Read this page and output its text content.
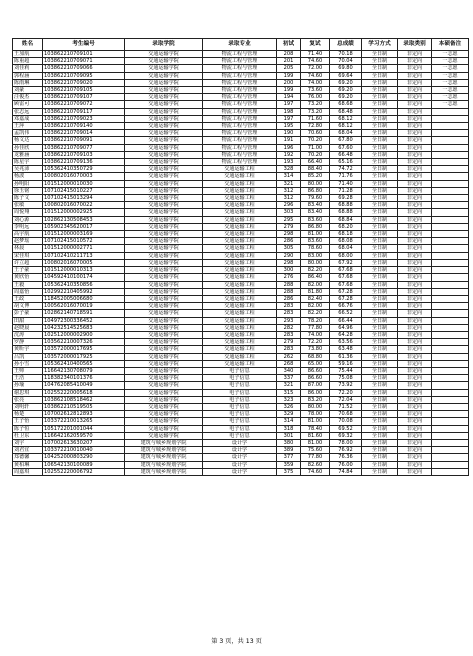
姓名	考生编号	录取学院	录取专业	初试	复试	总成绩	学习方式	录取类别	本硕备注
王加航	103862210709101	交通运输学院	物流工程与管理	208	71.40	70.18	全日制	非定向	一志愿
陈重超	103862210709071	交通运输学院	物流工程与管理	201	74.60	70.04	全日制	非定向	一志愿
刘佳莉	103862210709066	交通运输学院	物流工程与管理	205	72.00	69.80	全日制	非定向	一志愿
郭程涵	103862210709095	交通运输学院	物流工程与管理	199	74.60	69.64	全日制	非定向	一志愿
陈雨琳	103862210709020	交通运输学院	物流工程与管理	200	74.00	69.20	全日制	非定向	一志愿
刘豪	103862210709105	交通运输学院	物流工程与管理	199	73.60	69.20	全日制	非定向	一志愿
汪俊杰	103862210709107	交通运输学院	物流工程与管理	194	76.00	69.20	全日制	非定向	一志愿
顾雷可	103862210709072	交通运输学院	物流工程与管理	197	73.20	68.68	全日制	非定向	一志愿
张志远	103862210709117	交通运输学院	物流工程与管理	198	73.20	68.48	全日制	非定向	
邓嘉成	103862210709023	交通运输学院	物流工程与管理	197	71.60	68.12	全日制	非定向	
王萍	103862210709140	交通运输学院	物流工程与管理	195	72.80	68.12	全日制	非定向	
孟凯伟	103862210709014	交通运输学院	物流工程与管理	190	70.60	68.04	全日制	非定向	
杨文达	103862210709091	交通运输学院	物流工程与管理	191	70.20	67.80	全日制	非定向	
孙佳欣	103862210709077	交通运输学院	物流工程与管理	196	71.00	67.60	全日制	非定向	
龙雅涵	103862210709103	交通运输学院	物流工程与管理	192	70.20	66.48	全日制	非定向	
陈星宇	103862210709136	交通运输学院	物流工程与管理	193	66.40	65.16	全日制	非定向	
吴兆沛	105362410350729	交通运输学院	交通运输工程	328	88.40	74.72	全日制	非定向	
杨波	100802016070003	交通运输学院	交通运输工程	314	85.20	71.76	全日制	非定向	
孙明阳	101512000010030	交通运输学院	交通运输工程	321	80.00	71.40	全日制	非定向	
徐玉铭	107102415010227	交通运输学院	交通运输工程	312	86.80	71.28	全日制	非定向	
陈子文	107102415013294	交通运输学院	交通运输工程	312	79.60	69.28	全日制	非定向	
张敏	100802016070022	交通运输学院	交通运输工程	296	83.40	68.88	全日制	非定向	
周悦翔	101512000002925	交通运输学院	交通运输工程	303	83.40	68.88	全日制	非定向	
刘心源	102862130508453	交通运输学院	交通运输工程	295	83.60	68.84	全日制	非定向	
李明远	105902345620017	交通运输学院	交通运输工程	279	86.80	68.20	全日制	非定向	
高宇航	101512000003169	交通运输学院	交通运输工程	298	81.00	68.18	全日制	非定向	
赵梦瑶	107102415010572	交通运输学院	交通运输工程	286	83.60	68.08	全日制	非定向	
林晨	101512000002771	交通运输学院	交通运输工程	305	78.60	68.04	全日制	非定向	
宋佳琪	107102410211713	交通运输学院	交通运输工程	290	83.00	68.00	全日制	非定向	
许立超	100802016070005	交通运输学院	交通运输工程	298	80.00	67.92	全日制	非定向	
王子豪	101512000010313	交通运输学院	交通运输工程	300	82.20	67.68	全日制	非定向	
黄欣怡	104592410100174	交通运输学院	交通运输工程	276	86.40	67.68	全日制	非定向	
王毅	105362410350856	交通运输学院	交通运输工程	288	82.00	67.68	全日制	非定向	
周嘉怡	102992210405992	交通运输学院	交通运输工程	288	81.80	67.28	全日制	非定向	
王政	118452005006680	交通运输学院	交通运输工程	286	82.40	67.28	全日制	非定向	
胡文博	100562016070019	交通运输学院	交通运输工程	283	82.00	66.76	全日制	非定向	
彭子豪	102862140718591	交通运输学院	交通运输工程	283	82.20	66.52	全日制	非定向	
田甜	104972300336452	交通运输学院	交通运输工程	293	78.20	66.44	全日制	非定向	
赵晓晨	104232514525683	交通运输学院	交通运输工程	282	77.80	64.96	全日制	非定向	
沈涛	102512000002900	交通运输学院	交通运输工程	283	74.00	64.28	全日制	非定向	
罗静	103562210007326	交通运输学院	交通运输工程	279	72.20	63.56	全日制	非定向	
黄昕宇	103572000017695	交通运输学院	交通运输工程	283	73.80	63.48	全日制	非定向	
吕凯	103572000017925	交通运输学院	交通运输工程	262	68.80	61.36	全日制	非定向	
孙小雪	105362410400565	交通运输学院	交通运输工程	268	65.00	59.16	全日制	非定向	
王帅	116642130708079	交通运输学院	电子信息	340	86.60	75.44	全日制	非定向	
王浩	118382340101376	交通运输学院	电子信息	337	86.60	75.08	全日制	非定向	
孙瑜	104762085410049	交通运输学院	电子信息	321	87.00	73.92	全日制	非定向	
谢思琪	102552220005618	交通运输学院	电子信息	315	86.00	72.20	全日制	非定向	
张亮	103862108518462	交通运输学院	电子信息	323	83.20	72.04	全日制	非定向	
刘明轩	103862210519505	交通运输学院	电子信息	326	80.00	71.52	全日制	非定向	
杨楚	107002612812893	交通运输学院	电子信息	329	78.00	70.68	全日制	非定向	
王子怡	103372210013265	交通运输学院	电子信息	314	81.00	70.08	全日制	非定向	
陈子恒	105172201001044	交通运输学院	电子信息	318	78.40	69.52	全日制	非定向	
杜卫东	116642162059570	交通运输学院	电子信息	301	81.60	69.32	全日制	非定向	
刘宇	107002613630207	建筑与城乡规划学院	设计学	380	81.00	78.00	全日制	非定向	
刘君宜	103372210010040	建筑与城乡规划学院	设计学	389	75.60	76.92	全日制	非定向	
郑德馨	104252000803290	建筑与城乡规划学院	设计学	377	77.80	76.36	全日制	非定向	
黄柏琳	106542130100089	建筑与城乡规划学院	设计学	359	82.60	76.00	全日制	非定向	
周嘉琪	102552220006792	建筑与城乡规划学院	设计学	375	74.60	74.84	全日制	非定向	
第 3 页，共 13 页
